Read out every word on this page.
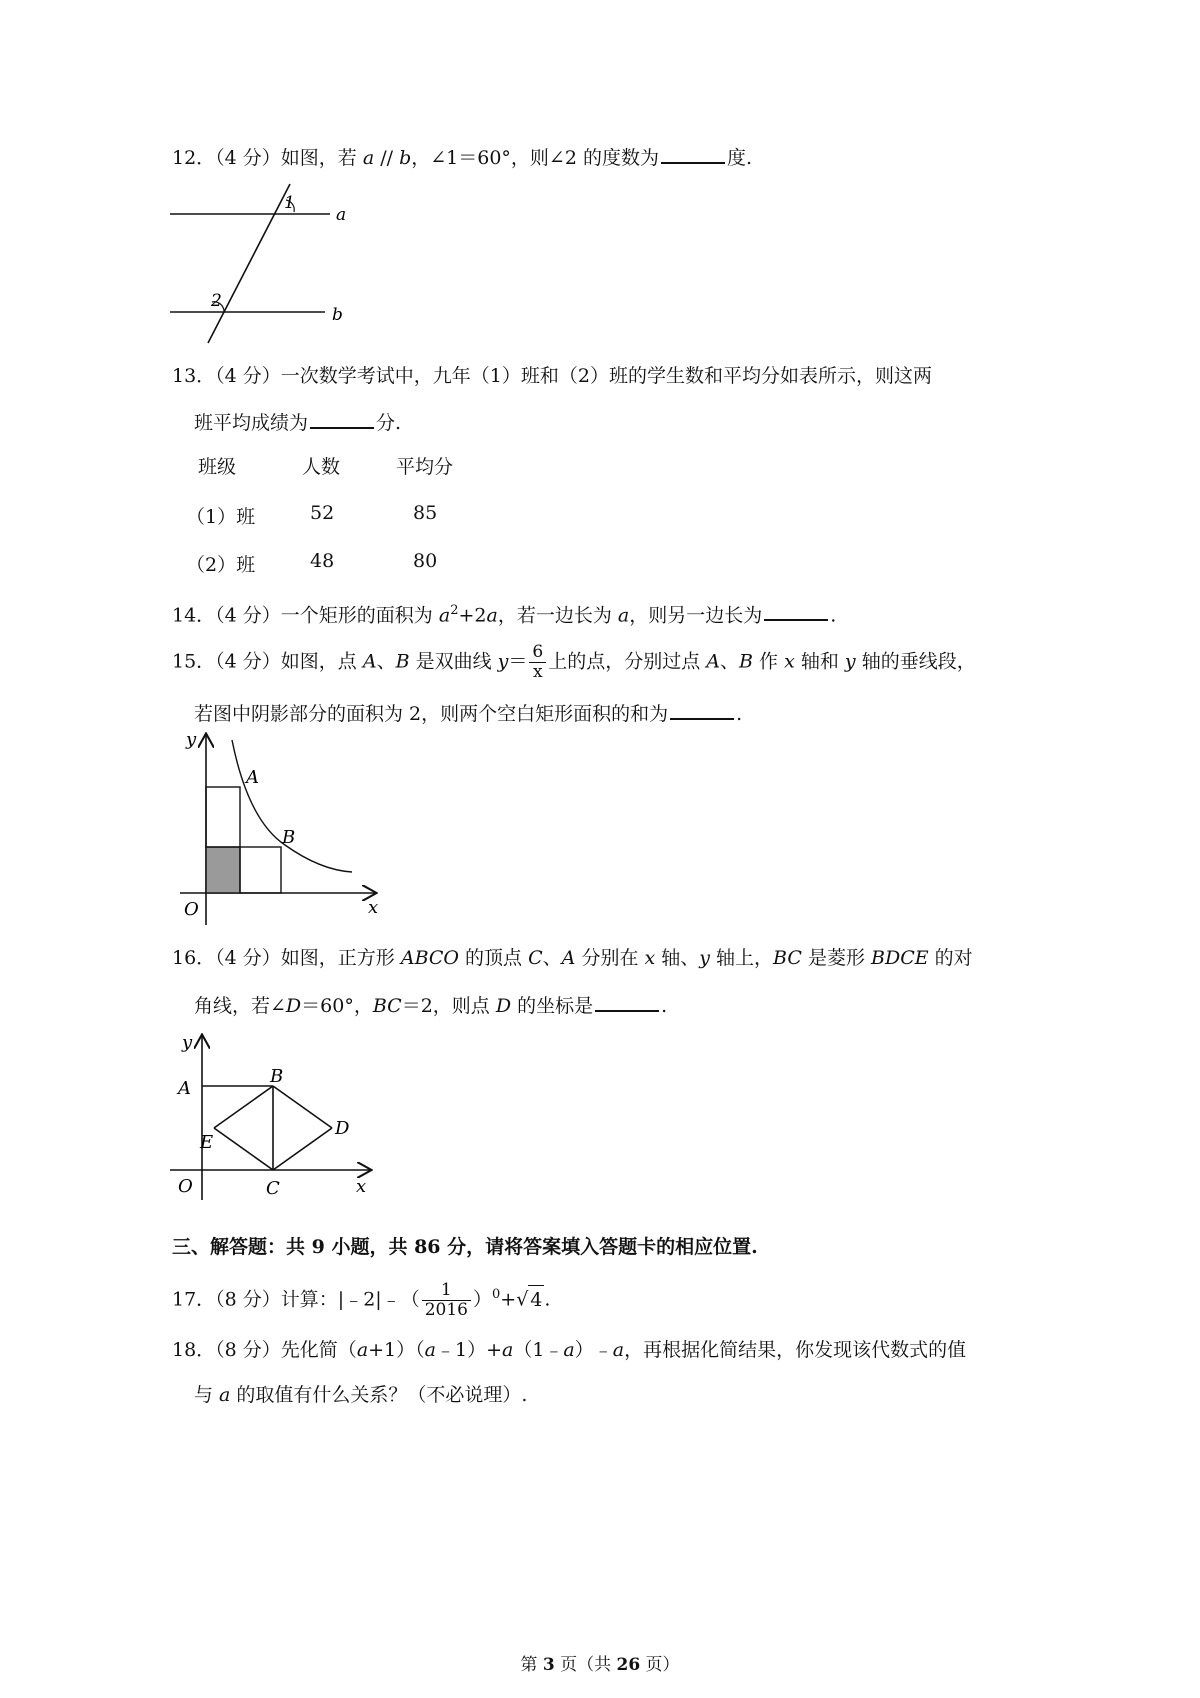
12．（4 分）如图，若 a // b，∠1＝60°，则∠2 的度数为	度.
1
2
a
b
13．（4 分）一次数学考试中，九年（1）班和（2）班的学生数和平均分如表所示，则这两
班平均成绩为	分.
班级	人数	平均分
（1）班	52	85
（2）班	48	80
14．（4 分）一个矩形的面积为 $a^2+2a$，若一边长为 a，则另一边长为	.
15．（4 分）如图，点 A、B 是双曲线 $y= \frac{6}{x}$ 上的点，分别过点 A、B 作 x 轴和 y 轴的垂线段，
若图中阴影部分的面积为 2，则两个空白矩形面积的和为	.
y
x
O
A
B
16．（4 分）如图，正方形 ABCO 的顶点 C、A 分别在 x 轴、y 轴上，BC 是菱形 BDCE 的对
角线，若∠D＝60°，BC＝2，则点 D 的坐标是	.
y
x
O
A
B
C
D
E
三、解答题：共 9 小题，共 86 分，请将答案填入答题卡的相应位置.
17．（8 分）计算：|﹣2|﹣（ $\frac{1}{2016} )^0+√$ 4 .
18．（8 分）先化简（a+1）（a﹣1）+a（1﹣a）﹣a，再根据化简结果，你发现该代数式的值
与 a 的取值有什么关系？（不必说理）.
第 3 页（共 26 页）
